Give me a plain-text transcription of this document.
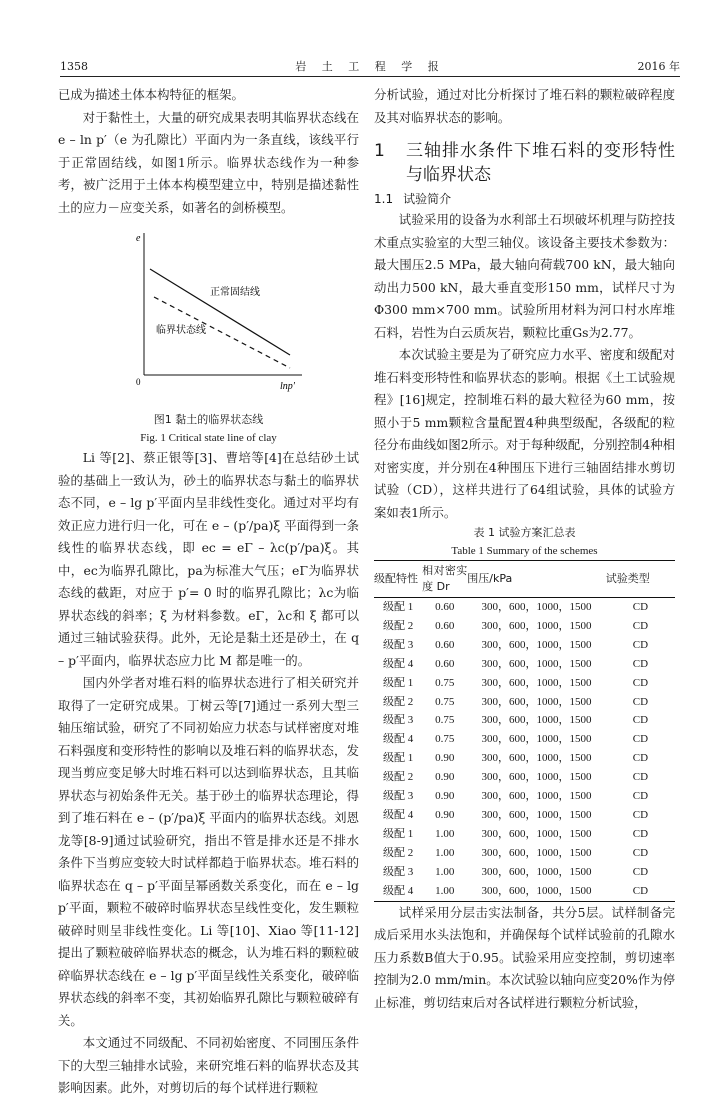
1358	岩 土 工 程 学 报	2016 年

已成为描述土体本构特征的框架。

对于黏性土，大量的研究成果表明其临界状态线在 e – ln p′（e 为孔隙比）平面内为一条直线，该线平行于正常固结线，如图1所示。临界状态线作为一种参考，被广泛用于土体本构模型建立中，特别是描述黏性土的应力－应变关系，如著名的剑桥模型。

正常固结线
临界状态线
e
lnp′
0
图1 黏土的临界状态线
Fig. 1 Critical state line of clay

Li 等[2]、蔡正银等[3]、曹培等[4]在总结砂土试验的基础上一致认为，砂土的临界状态与黏土的临界状态不同，e – lg p′平面内呈非线性变化。通过对平均有效正应力进行归一化，可在 e – (p′/pa)ξ 平面得到一条线性的临界状态线，即 ec = eΓ – λc(p′/pa)ξ。其中，ec为临界孔隙比，pa为标准大气压；eΓ为临界状态线的截距，对应于 p′= 0 时的临界孔隙比；λc为临界状态线的斜率；ξ 为材料参数。eΓ，λc和 ξ 都可以通过三轴试验获得。此外，无论是黏土还是砂土，在 q – p′平面内，临界状态应力比 M 都是唯一的。

国内外学者对堆石料的临界状态进行了相关研究并取得了一定研究成果。丁树云等[7]通过一系列大型三轴压缩试验，研究了不同初始应力状态与试样密度对堆石料强度和变形特性的影响以及堆石料的临界状态，发现当剪应变足够大时堆石料可以达到临界状态，且其临界状态与初始条件无关。基于砂土的临界状态理论，得到了堆石料在 e – (p′/pa)ξ 平面内的临界状态线。刘恩龙等[8-9]通过试验研究，指出不管是排水还是不排水条件下当剪应变较大时试样都趋于临界状态。堆石料的临界状态在 q – p′平面呈幂函数关系变化，而在 e – lg p′平面，颗粒不破碎时临界状态呈线性变化，发生颗粒破碎时则呈非线性变化。Li 等[10]、Xiao 等[11-12]提出了颗粒破碎临界状态的概念，认为堆石料的颗粒破碎临界状态线在 e – lg p′平面呈线性关系变化，破碎临界状态线的斜率不变，其初始临界孔隙比与颗粒破碎有关。

本文通过不同级配、不同初始密度、不同围压条件下的大型三轴排水试验，来研究堆石料的临界状态及其影响因素。此外，对剪切后的每个试样进行颗粒

分析试验，通过对比分析探讨了堆石料的颗粒破碎程度及其对临界状态的影响。

1	三轴排水条件下堆石料的变形特性与临界状态
1.1 试验简介

试验采用的设备为水利部土石坝破坏机理与防控技术重点实验室的大型三轴仪。该设备主要技术参数为：最大围压2.5 MPa，最大轴向荷载700 kN，最大轴向动出力500 kN，最大垂直变形150 mm，试样尺寸为Φ300 mm×700 mm。试验所用材料为河口村水库堆石料，岩性为白云质灰岩，颗粒比重Gs为2.77。

本次试验主要是为了研究应力水平、密度和级配对堆石料变形特性和临界状态的影响。根据《土工试验规程》[16]规定，控制堆石料的最大粒径为60 mm，按照小于5 mm颗粒含量配置4种典型级配，各级配的粒径分布曲线如图2所示。对于每种级配，分别控制4种相对密实度，并分别在4种围压下进行三轴固结排水剪切试验（CD），这样共进行了64组试验，具体的试验方案如表1所示。

表 1 试验方案汇总表
Table 1 Summary of the schemes
级配特性	相对密实度 Dr	围压/kPa	试验类型
级配 1	0.60	300，600，1000，1500	CD
级配 2	0.60	300，600，1000，1500	CD
级配 3	0.60	300，600，1000，1500	CD
级配 4	0.60	300，600，1000，1500	CD
级配 1	0.75	300，600，1000，1500	CD
级配 2	0.75	300，600，1000，1500	CD
级配 3	0.75	300，600，1000，1500	CD
级配 4	0.75	300，600，1000，1500	CD
级配 1	0.90	300，600，1000，1500	CD
级配 2	0.90	300，600，1000，1500	CD
级配 3	0.90	300，600，1000，1500	CD
级配 4	0.90	300，600，1000，1500	CD
级配 1	1.00	300，600，1000，1500	CD
级配 2	1.00	300，600，1000，1500	CD
级配 3	1.00	300，600，1000，1500	CD
级配 4	1.00	300，600，1000，1500	CD

试样采用分层击实法制备，共分5层。试样制备完成后采用水头法饱和，并确保每个试样试验前的孔隙水压力系数B值大于0.95。试验采用应变控制，剪切速率控制为2.0 mm/min。本次试验以轴向应变20%作为停止标准，剪切结束后对各试样进行颗粒分析试验，
